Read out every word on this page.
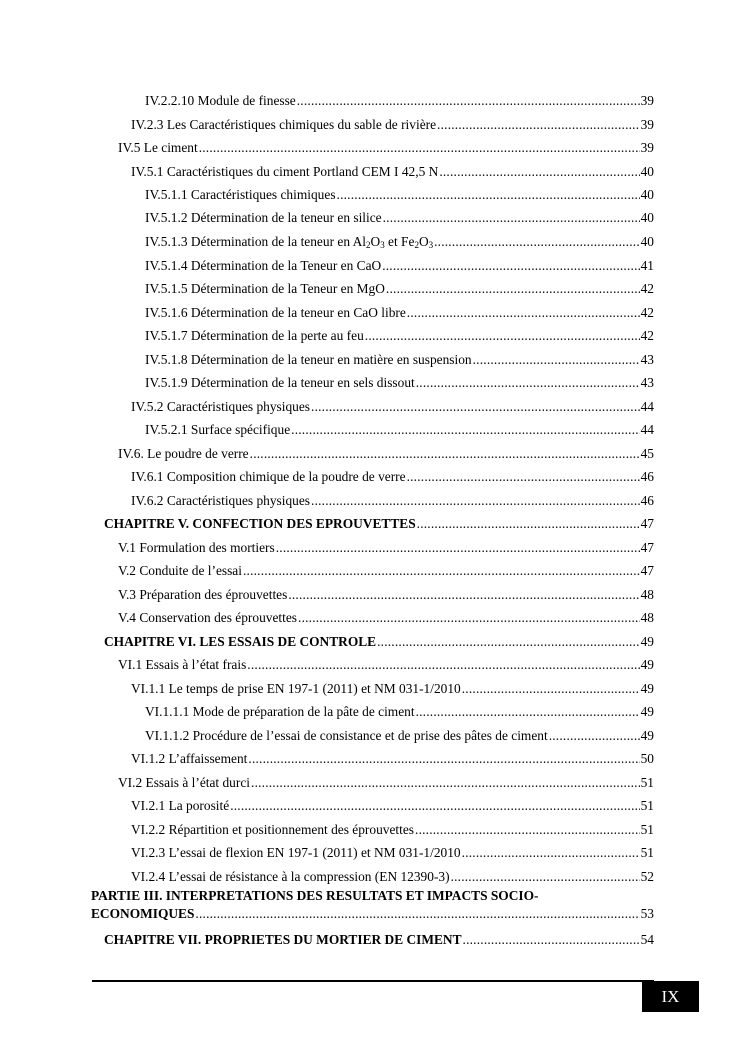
IV.2.2.10 Module de finesse .....	39
IV.2.3 Les Caractéristiques chimiques du sable de rivière .....	39
IV.5 Le ciment .....	39
IV.5.1 Caractéristiques du ciment Portland CEM I 42,5 N .....	40
IV.5.1.1 Caractéristiques chimiques .....	40
IV.5.1.2 Détermination de la teneur en silice .....	40
IV.5.1.3 Détermination de la teneur en $Al_2O_3$ et $Fe_2O_3$ .....	40
IV.5.1.4 Détermination de la Teneur en CaO .....	41
IV.5.1.5 Détermination de la Teneur en MgO .....	42
IV.5.1.6 Détermination de la teneur en CaO libre .....	42
IV.5.1.7 Détermination de la perte au feu .....	42
IV.5.1.8 Détermination de la teneur en matière en suspension .....	43
IV.5.1.9 Détermination de la teneur en sels dissout .....	43
IV.5.2 Caractéristiques physiques .....	44
IV.5.2.1 Surface spécifique .....	44
IV.6. Le poudre de verre .....	45
IV.6.1 Composition chimique de la poudre de verre .....	46
IV.6.2 Caractéristiques physiques .....	46
CHAPITRE V. CONFECTION DES EPROUVETTES .....	47
V.1 Formulation des mortiers .....	47
V.2 Conduite de l’essai .....	47
V.3 Préparation des éprouvettes .....	48
V.4 Conservation des éprouvettes .....	48
CHAPITRE VI. LES ESSAIS DE CONTROLE .....	49
VI.1 Essais à l’état frais .....	49
VI.1.1 Le temps de prise EN 197-1 (2011) et NM 031-1/2010 .....	49
VI.1.1.1 Mode de préparation de la pâte de ciment .....	49
VI.1.1.2 Procédure de l’essai de consistance et de prise des pâtes de ciment .....	49
VI.1.2 L’affaissement .....	50
VI.2 Essais à l’état durci .....	51
VI.2.1 La porosité .....	51
VI.2.2 Répartition et positionnement des éprouvettes .....	51
VI.2.3 L’essai de flexion EN 197-1 (2011) et NM 031-1/2010 .....	51
VI.2.4 L’essai de résistance à la compression (EN 12390-3) .....	52
PARTIE III. INTERPRETATIONS DES RESULTATS ET IMPACTS SOCIO-
ECONOMIQUES .....	53
CHAPITRE VII. PROPRIETES DU MORTIER DE CIMENT .....	54
IX
